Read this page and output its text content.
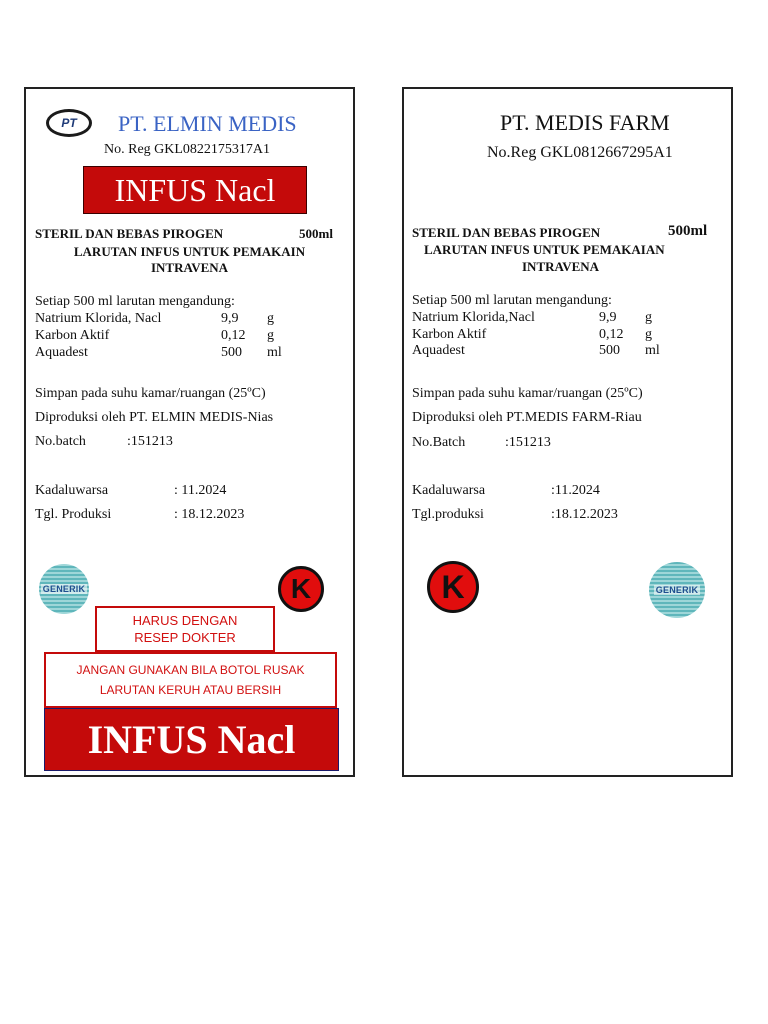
PT PT. ELMIN MEDIS
No. Reg GKL0822175317A1
INFUS Nacl
STERIL DAN BEBAS PIROGEN	500ml
LARUTAN INFUS UNTUK PEMAKAIN
INTRAVENA
Setiap 500 ml larutan mengandung:
Natrium Klorida, Nacl	9,9 g
Karbon Aktif	0,12 g
Aquadest	500 ml
Simpan pada suhu kamar/ruangan (25ºC)
Diproduksi oleh PT. ELMIN MEDIS-Nias
No.batch	:151213
Kadaluwarsa	: 11.2024
Tgl. Produksi	: 18.12.2023
GENERIK	K
HARUS DENGAN
RESEP DOKTER
JANGAN GUNAKAN BILA BOTOL RUSAK
LARUTAN KERUH ATAU BERSIH
INFUS Nacl
PT. MEDIS FARM
No.Reg GKL0812667295A1
STERIL DAN BEBAS PIROGEN	500ml
LARUTAN INFUS UNTUK PEMAKAIAN
INTRAVENA
Setiap 500 ml larutan mengandung:
Natrium Klorida,Nacl	9,9 g
Karbon Aktif	0,12 g
Aquadest	500 ml
Simpan pada suhu kamar/ruangan (25ºC)
Diproduksi oleh PT.MEDIS FARM-Riau
No.Batch	:151213
Kadaluwarsa	:11.2024
Tgl.produksi	:18.12.2023
K	GENERIK
